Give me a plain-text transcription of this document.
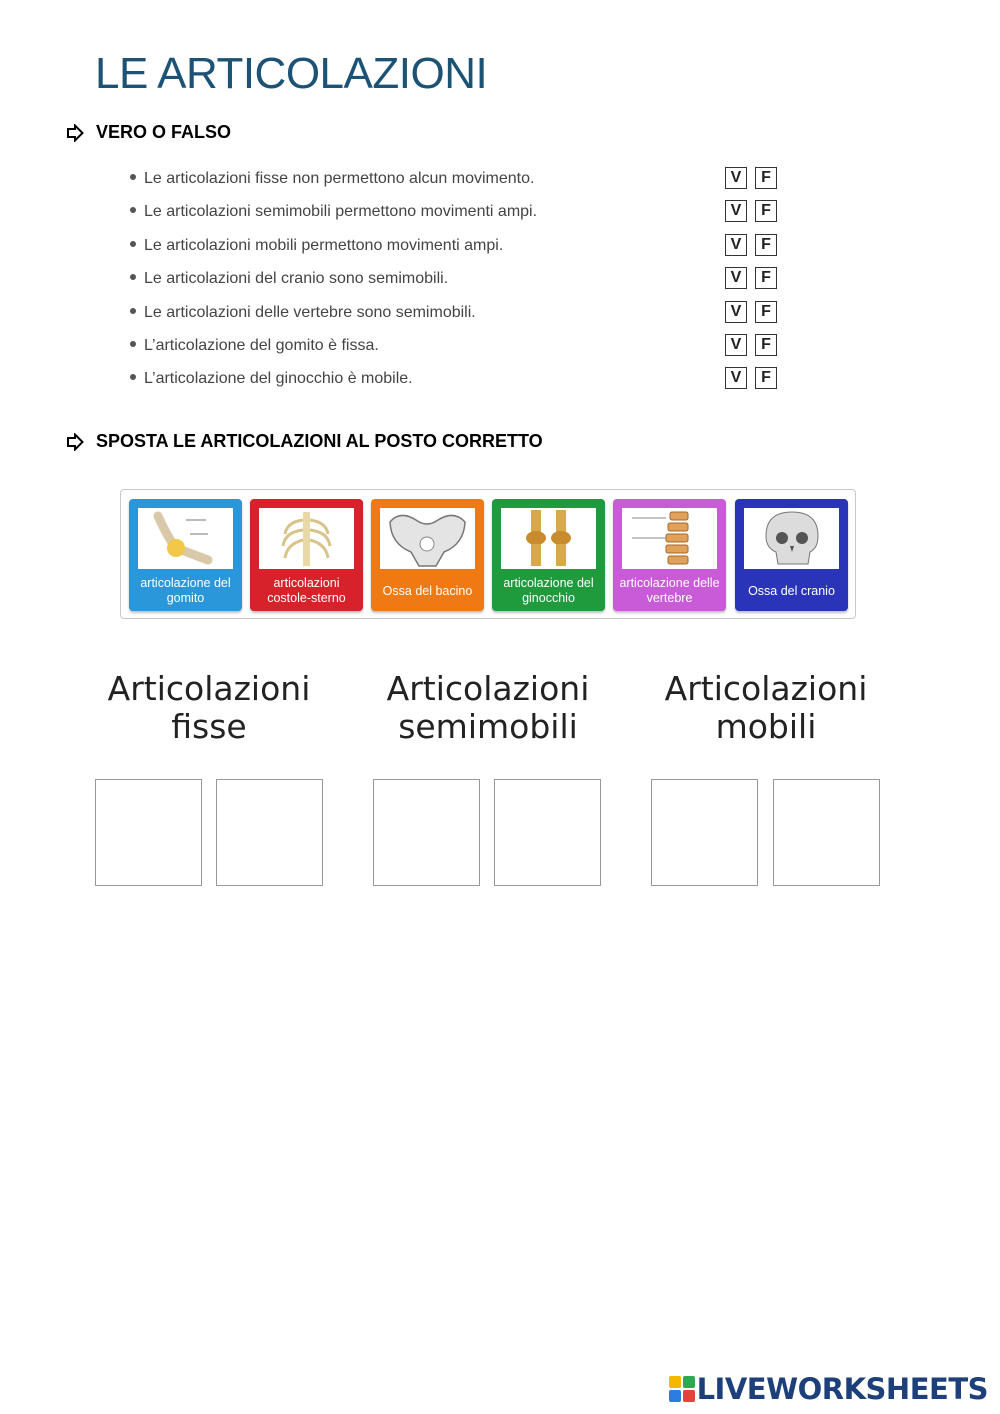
LE ARTICOLAZIONI
VERO O FALSO
Le articolazioni fisse non permettono alcun movimento.	V	F
Le articolazioni semimobili permettono movimenti ampi.	V	F
Le articolazioni mobili permettono movimenti ampi.	V	F
Le articolazioni del cranio sono semimobili.	V	F
Le articolazioni delle vertebre sono semimobili.	V	F
L’articolazione del gomito è fissa.	V	F
L’articolazione del ginocchio è mobile.	V	F
SPOSTA LE ARTICOLAZIONI AL POSTO CORRETTO
articolazione del gomito
articolazioni costole-sterno
Ossa del bacino
articolazione del ginocchio
articolazione delle vertebre
Ossa del cranio
Articolazioni
fisse
Articolazioni
semimobili
Articolazioni
mobili
LIVEWORKSHEETS
